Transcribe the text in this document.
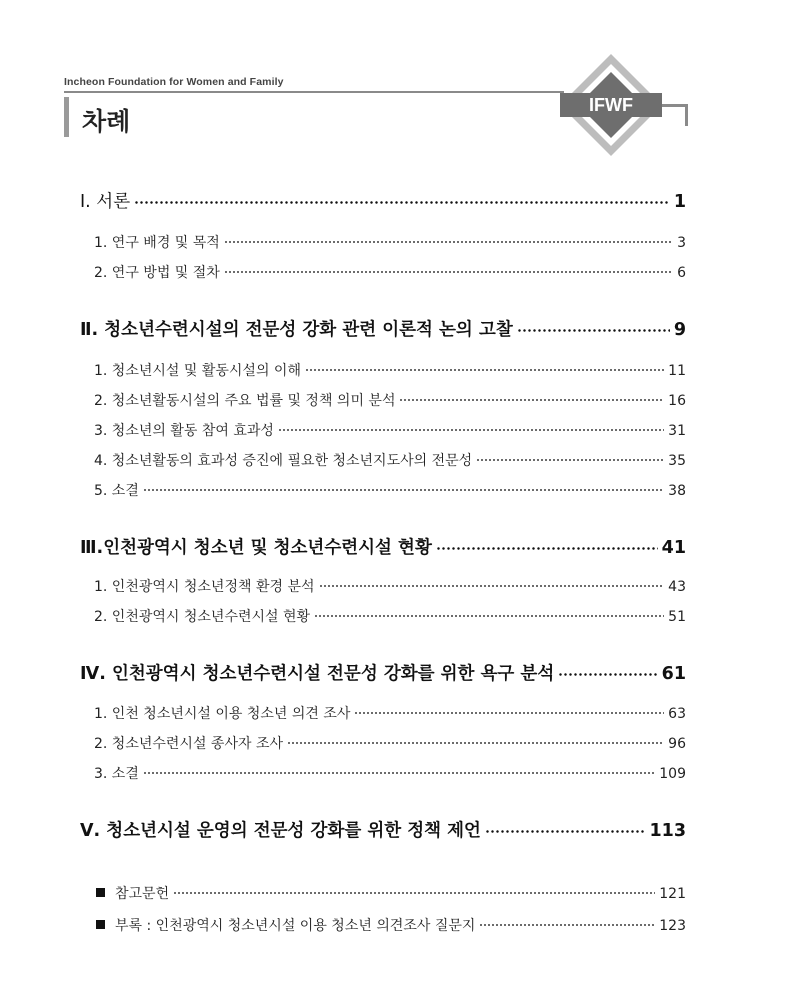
Incheon Foundation for Women and Family
차례
IFWF
Ⅰ. 서론	1
1. 연구 배경 및 목적	3
2. 연구 방법 및 절차	6
Ⅱ. 청소년수련시설의 전문성 강화 관련 이론적 논의 고찰	9
1. 청소년시설 및 활동시설의 이해	11
2. 청소년활동시설의 주요 법률 및 정책 의미 분석	16
3. 청소년의 활동 참여 효과성	31
4. 청소년활동의 효과성 증진에 필요한 청소년지도사의 전문성	35
5. 소결	38
Ⅲ.인천광역시 청소년 및 청소년수련시설 현황	41
1. 인천광역시 청소년정책 환경 분석	43
2. 인천광역시 청소년수련시설 현황	51
Ⅳ. 인천광역시 청소년수련시설 전문성 강화를 위한 욕구 분석	61
1. 인천 청소년시설 이용 청소년 의견 조사	63
2. 청소년수련시설 종사자 조사	96
3. 소결	109
Ⅴ. 청소년시설 운영의 전문성 강화를 위한 정책 제언	113
참고문헌	121
부록 : 인천광역시 청소년시설 이용 청소년 의견조사 질문지	123
